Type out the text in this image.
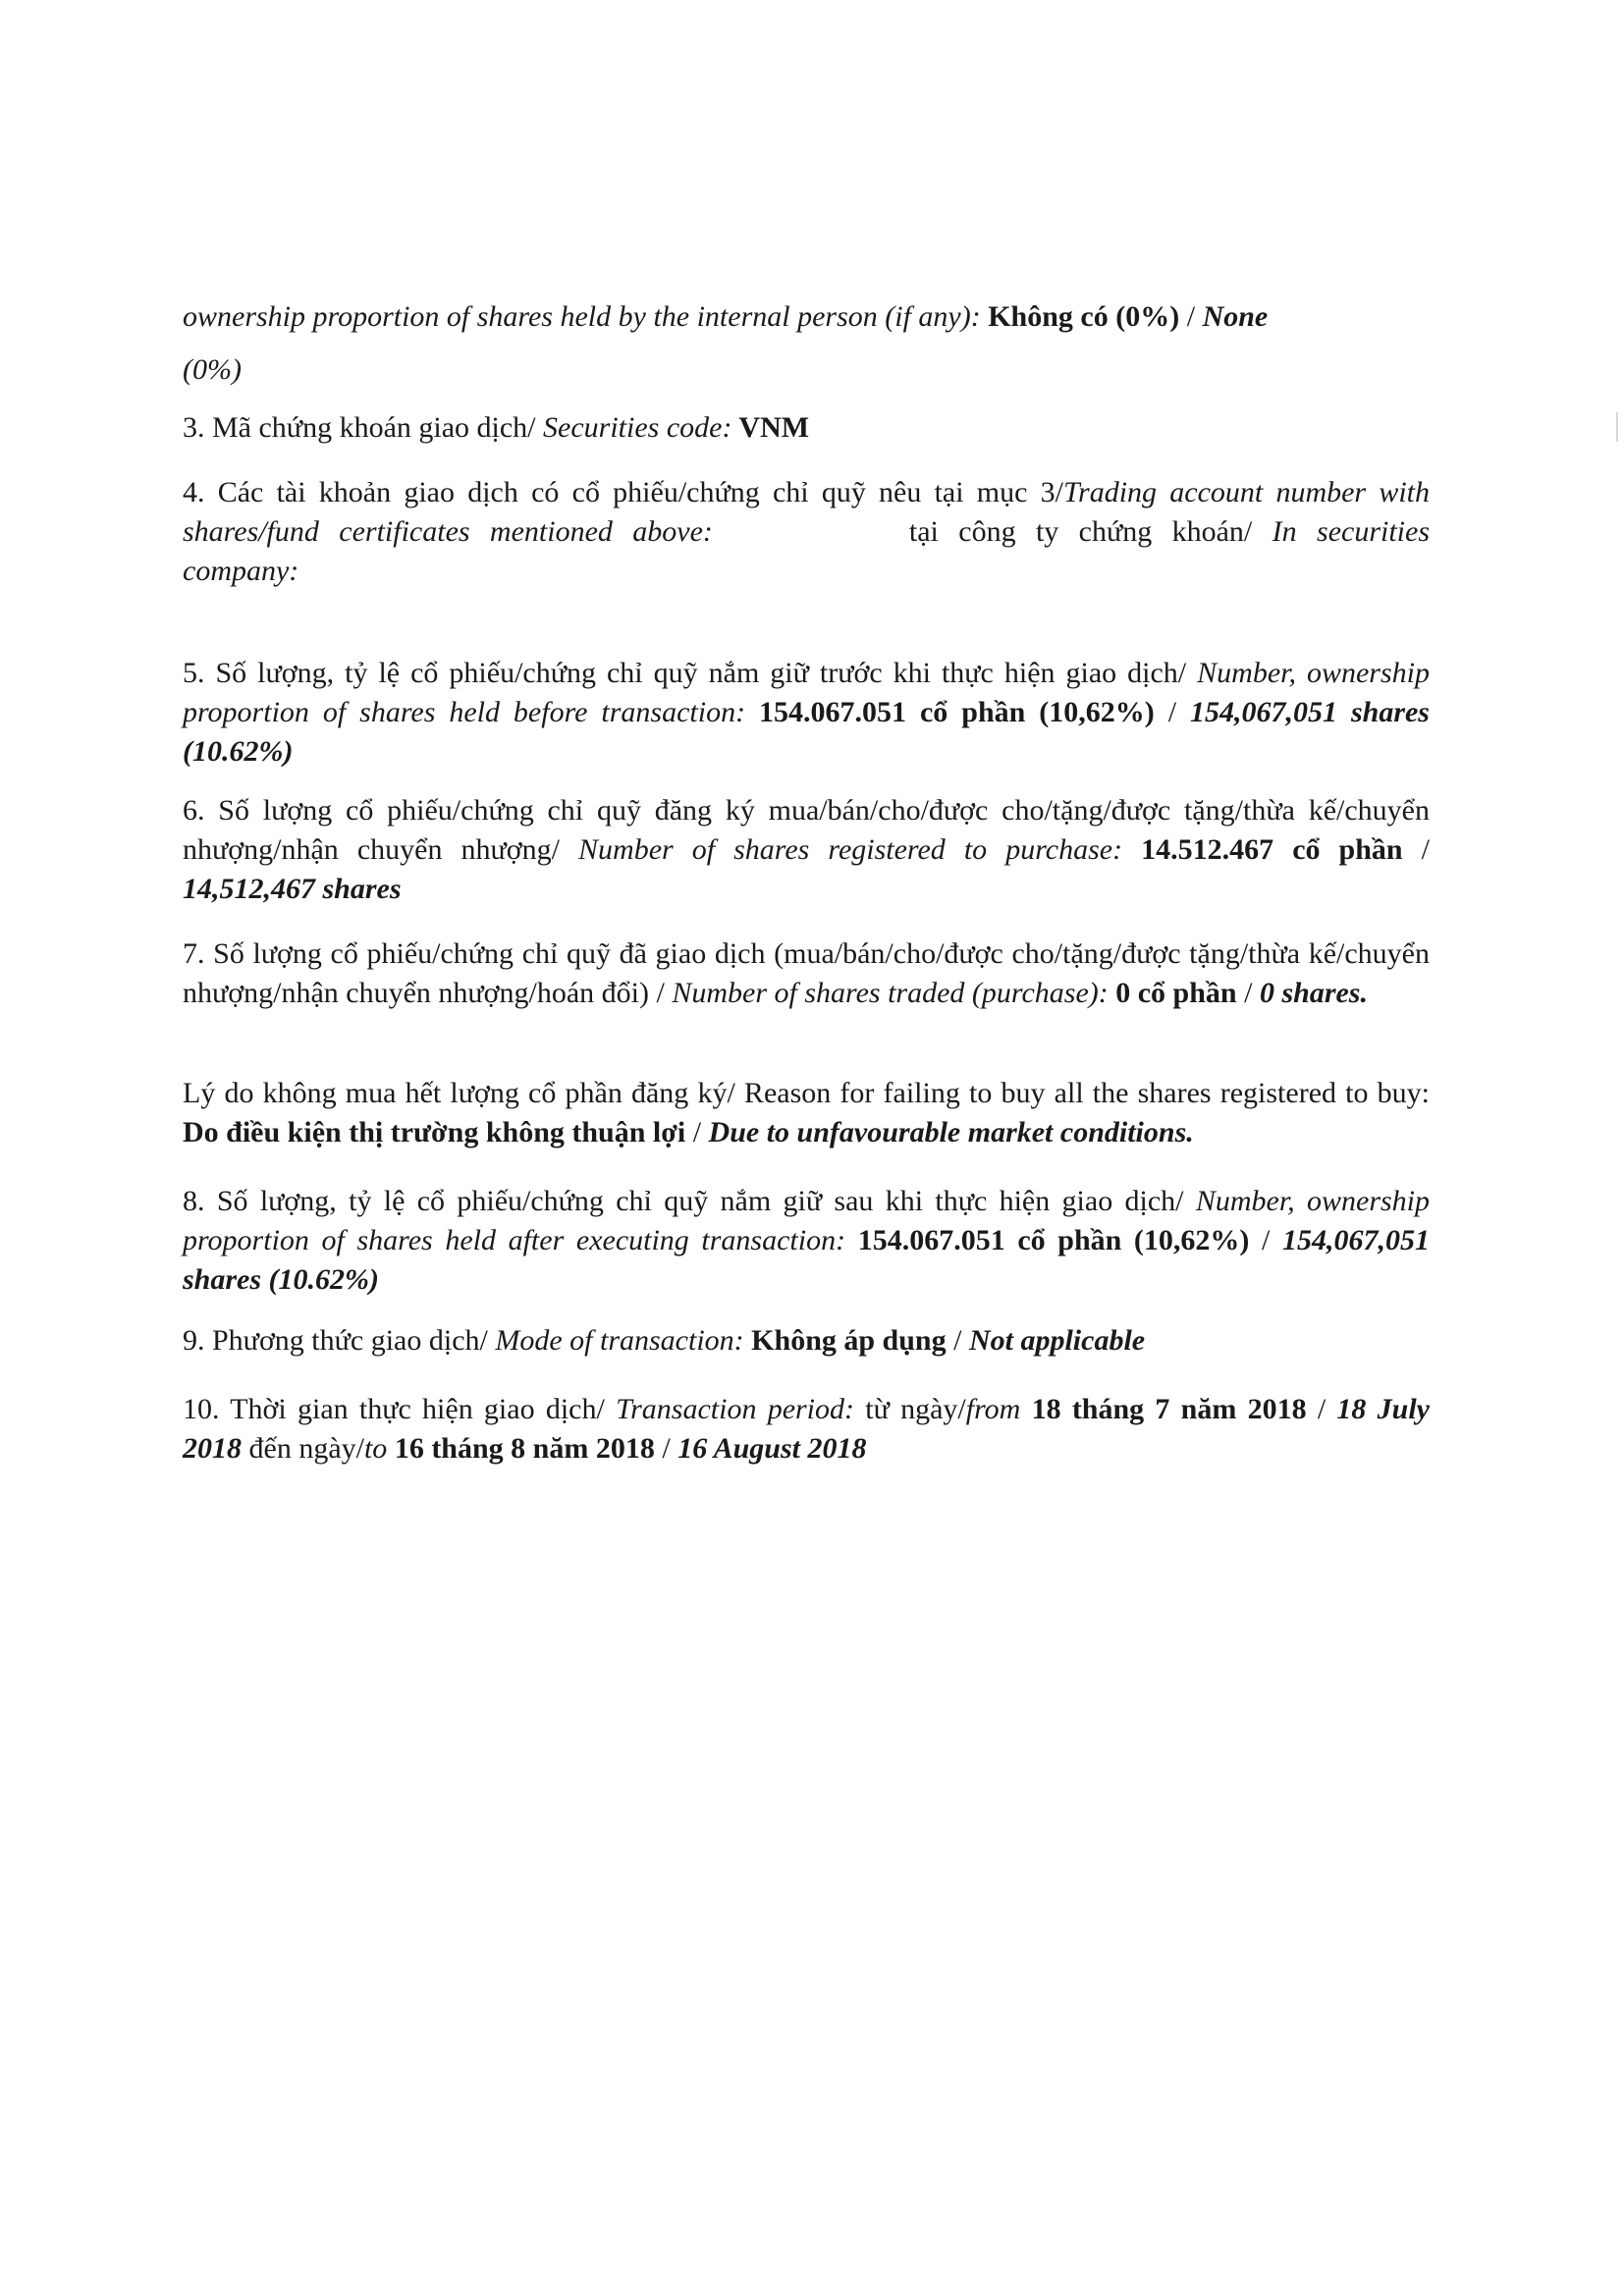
ownership proportion of shares held by the internal person (if any): Không có (0%) / None
(0%)
3. Mã chứng khoán giao dịch/ Securities code: VNM
4. Các tài khoản giao dịch có cổ phiếu/chứng chỉ quỹ nêu tại mục 3/Trading account number with shares/fund certificates mentioned above:	tại công ty chứng khoán/ In securities company:
5. Số lượng, tỷ lệ cổ phiếu/chứng chỉ quỹ nắm giữ trước khi thực hiện giao dịch/ Number, ownership proportion of shares held before transaction: 154.067.051 cổ phần (10,62%) / 154,067,051 shares (10.62%)
6. Số lượng cổ phiếu/chứng chỉ quỹ đăng ký mua/bán/cho/được cho/tặng/được tặng/thừa kế/chuyển nhượng/nhận chuyển nhượng/ Number of shares registered to purchase: 14.512.467 cổ phần / 14,512,467 shares
7. Số lượng cổ phiếu/chứng chỉ quỹ đã giao dịch (mua/bán/cho/được cho/tặng/được tặng/thừa kế/chuyển nhượng/nhận chuyển nhượng/hoán đổi) / Number of shares traded (purchase): 0 cổ phần / 0 shares.
Lý do không mua hết lượng cổ phần đăng ký/ Reason for failing to buy all the shares registered to buy: Do điều kiện thị trường không thuận lợi / Due to unfavourable market conditions.
8. Số lượng, tỷ lệ cổ phiếu/chứng chỉ quỹ nắm giữ sau khi thực hiện giao dịch/ Number, ownership proportion of shares held after executing transaction: 154.067.051 cổ phần (10,62%) / 154,067,051 shares (10.62%)
9. Phương thức giao dịch/ Mode of transaction: Không áp dụng / Not applicable
10. Thời gian thực hiện giao dịch/ Transaction period: từ ngày/from 18 tháng 7 năm 2018 / 18 July 2018 đến ngày/to 16 tháng 8 năm 2018 / 16 August 2018
